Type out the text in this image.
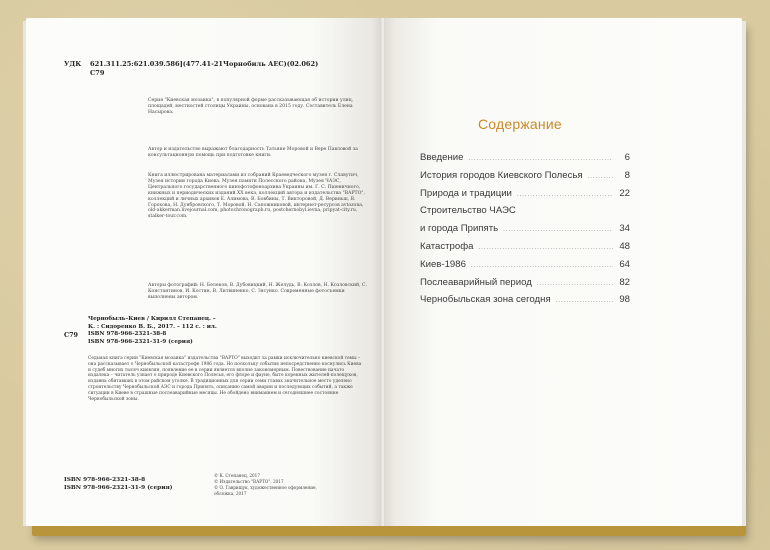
УДК 621.311.25:621.039.586](477.41-21Чорнобиль АЕС)(02.062)
С79
Серия "Киевская мозаика", в популярной форме рассказывающая об истории улиц, площадей, местностей столицы Украины, основана в 2015 году. Составитель Елена Насырова.
Автор и издательство выражают благодарность Татьяне Моровой и Вере Павловой за консультационную помощь при подготовке книги.
Книга иллюстрирована материалами из собраний Краеведческого музея г. Славутич, Музея истории города Киева, Музея памяти Полесского района, Музея ЧАЭС, Центрального государственного кинофотофоноархива Украины им. Г. С. Пшеничного, книжных и периодических изданий XX века, коллекций автора и издательства "ВАРТО", коллекций и личных архивов Е. Алимова, В. Бовбины, Т. Викторовой, Д. Вериньш, В. Горохова, Н. Дунбровского, Т. Моровой, Н. Сапожниковой, интернет-ресурсов avtozona, old-akkerman.livejournal.com, photochronograph.ru, postchernobyl.ievna, pripyat-city.ru, stalker-tour.com.
Авторы фотографий: Н. Белеков, В. Дубовицкий, Н. Желудь, В. Козлов, Н. Козловский, С. Константинов, И. Костин, В. Литвиненко, С. Зясунко. Современные фотосъемки выполнены автором.
С79
Чернобыль–Киев / Кирилл Степанец. –
К. : Сидоренко В. Б., 2017. – 112 с. : ил.
ISBN 978-966-2321-38-8
ISBN 978-966-2321-31-9 (серия)
Седьмая книга серии "Киевская мозаика" издательства "ВАРТО" выходит за рамки исключительно киевской темы – она рассказывает о Чернобыльской катастрофе 1986 года. Но поскольку события непосредственно коснулись Киева и судеб многих тысяч киевлян, появление ее в серии является вполне закономерным. Повествование начато издалека – читатель узнает о природе Киевского Полесья, его флоре и фауне, быте коренных жителей-полещуков, издавна обитавших в этом райском уголке. В традиционных для серии семи главах значительное место уделено строительству Чернобыльской АЭС и города Припять, описанию самой аварии и последующих событий, а также ситуации в Киеве в страшные послеаварийные месяцы. Не обойдено вниманием и сегодняшнее состояние Чернобыльской зоны.
ISBN 978-966-2321-38-8
ISBN 978-966-2321-31-9 (серия)
© К. Степанец, 2017
© Издательство "ВАРТО", 2017
© О. Гаврищук, художественное оформление,
обложка, 2017
Содержание
Введение .....	6
История городов Киевского Полесья .....	8
Природа и традиции .....	22
Строительство ЧАЭС
и города Припять .....	34
Катастрофа .....	48
Киев-1986 .....	64
Послеаварийный период .....	82
Чернобыльская зона сегодня .....	98
